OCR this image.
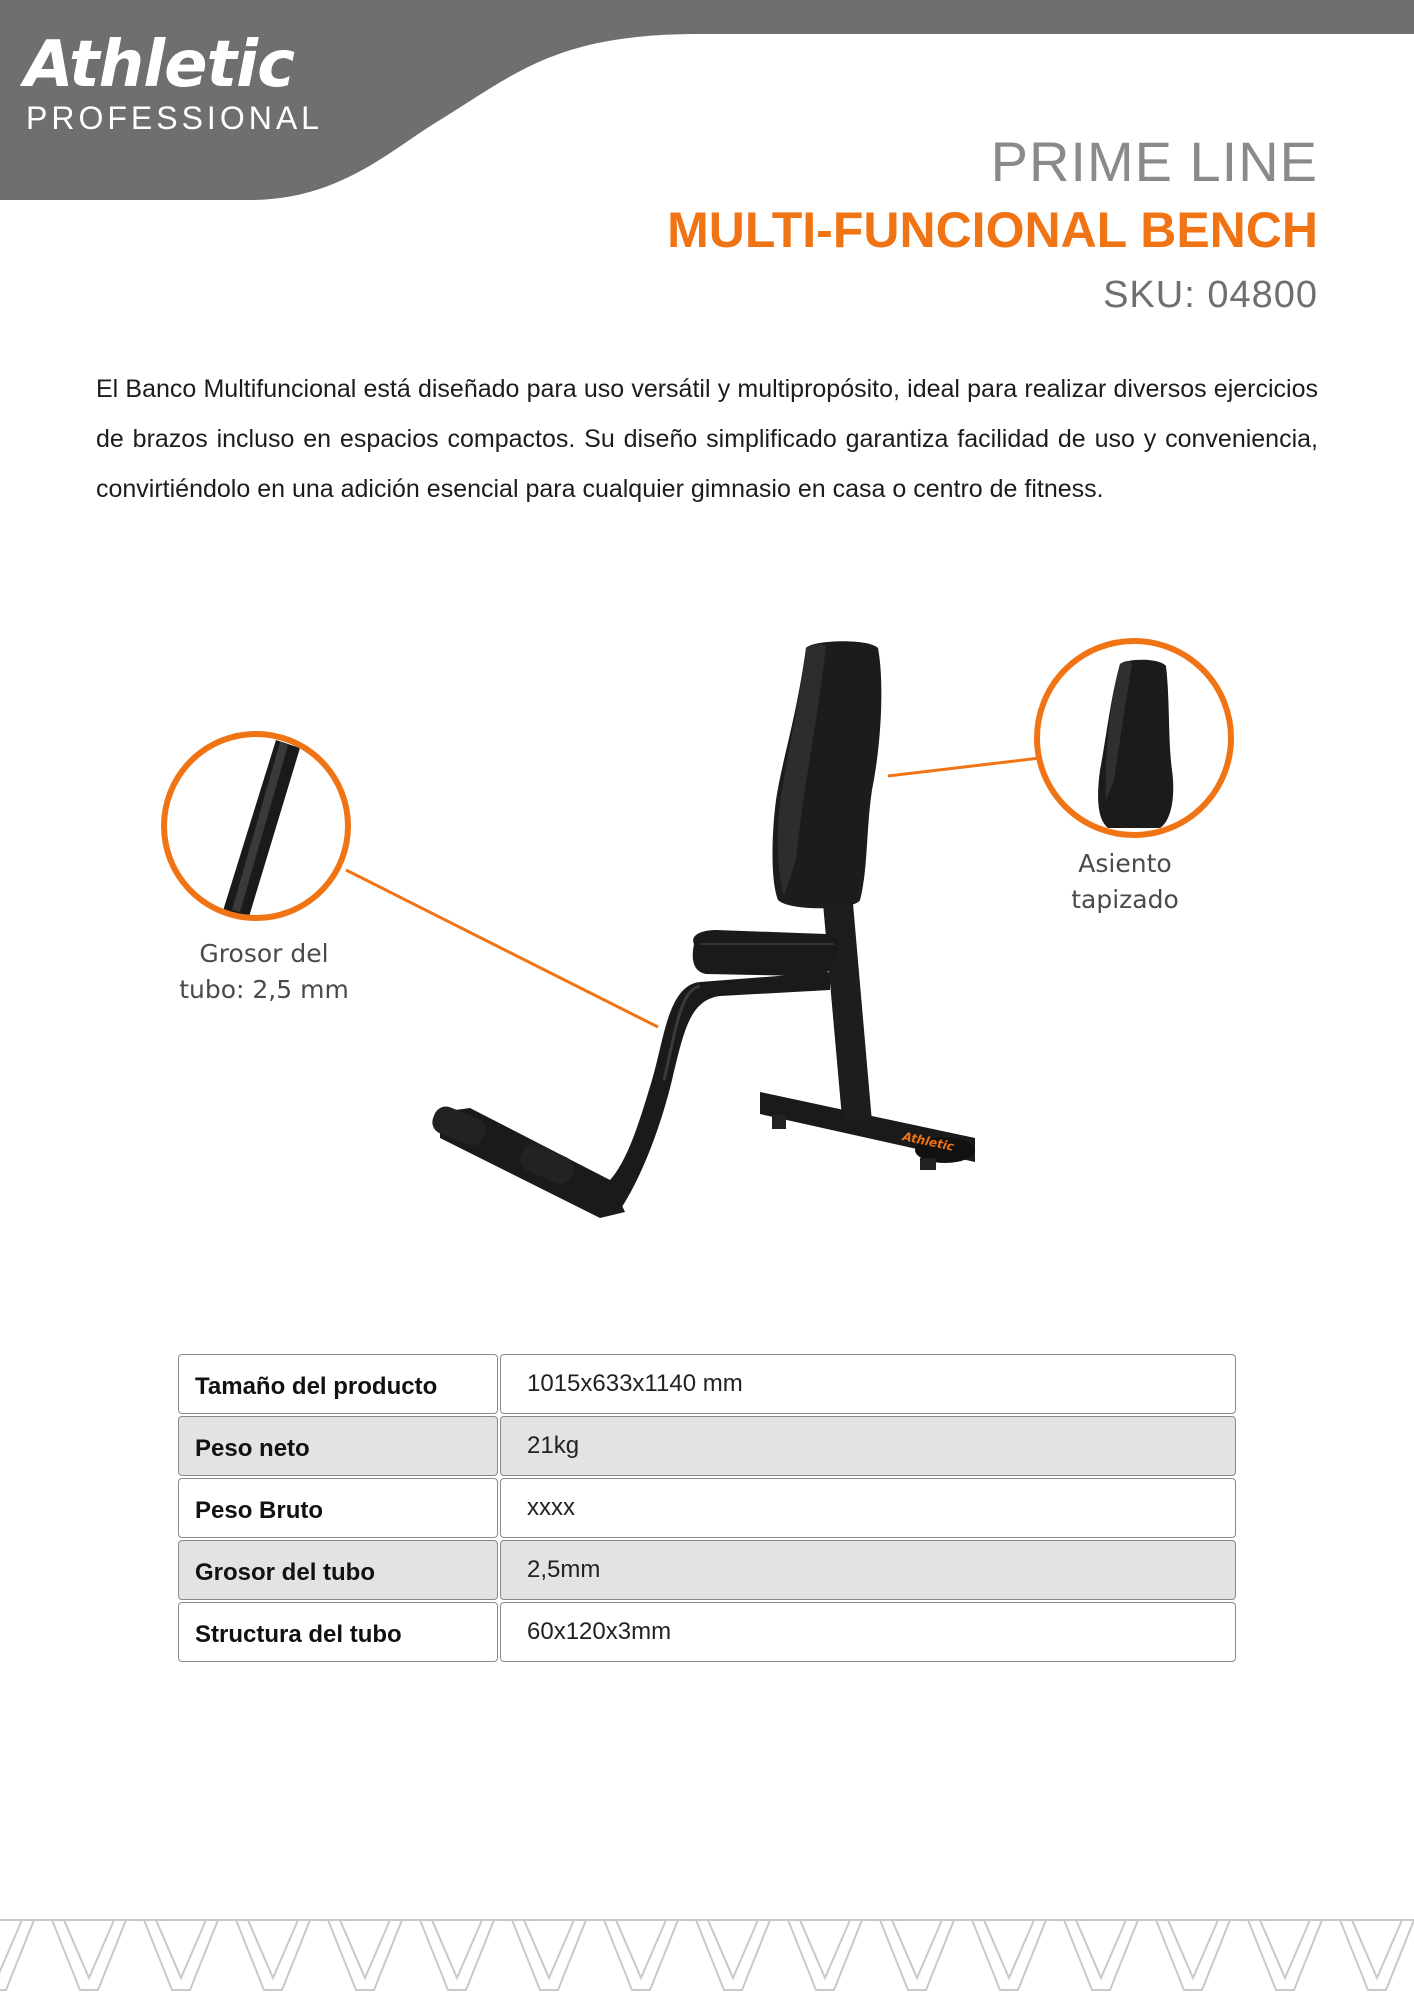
Athletic
PROFESSIONAL
PRIME LINE
MULTI-FUNCIONAL BENCH
SKU: 04800

El Banco Multifuncional está diseñado para uso versátil y multipropósito, ideal para realizar diversos ejercicios de brazos incluso en espacios compactos. Su diseño simplificado garantiza facilidad de uso y conveniencia, convirtiéndolo en una adición esencial para cualquier gimnasio en casa o centro de fitness.

Athletic
Grosor del
tubo: 2,5 mm
Asiento
tapizado
Tamaño del producto	1015x633x1140 mm
Peso neto	21kg
Peso Bruto	xxxx
Grosor del tubo	2,5mm
Structura del tubo	60x120x3mm
